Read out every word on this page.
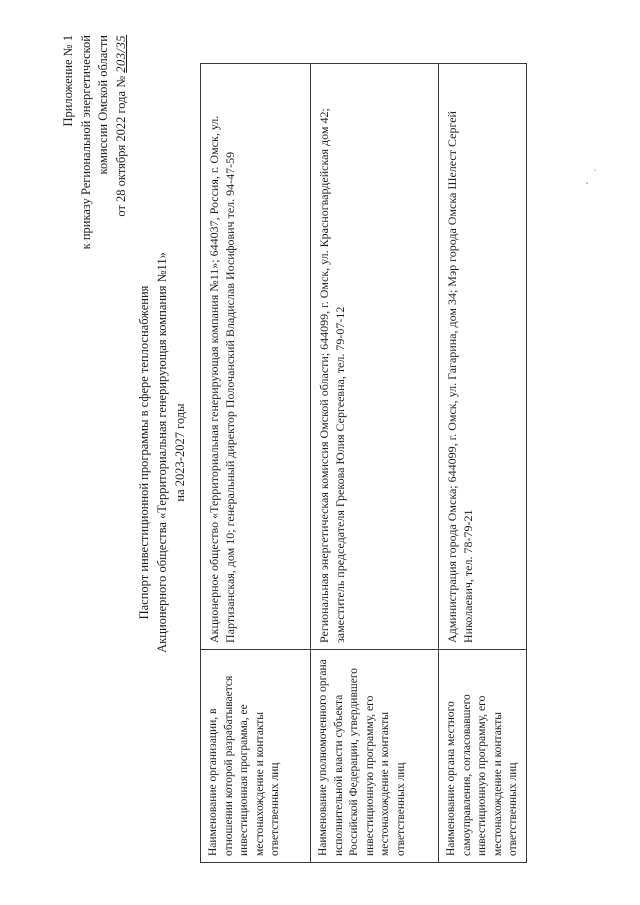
Приложение № 1 к приказу Региональной энергетической комиссии Омской области от 28 октября 2022 года № 203/35
Паспорт инвестиционной программы в сфере теплоснабжения Акционерного общества «Территориальная генерирующая компания №11» на 2023-2027 годы
Наименование организации, в отношении которой разрабатывается инвестиционная программа, ее местонахождение и контакты ответственных лиц	Акционерное общество «Территориальная генерирующая компания №11»; 644037, Россия, г. Омск, ул. Партизанская, дом 10; генеральный директор Полочанский Владислав Иосифович тел. 94-47-59
Наименование уполномоченного органа исполнительной власти субъекта Российской Федерации, утвердившего инвестиционную программу, его местонахождение и контакты ответственных лиц	Региональная энергетическая комиссия Омской области; 644099, г. Омск, ул. Красногвардейская дом 42; заместитель председателя Грекова Юлия Сергеевна, тел. 79-07-12
Наименование органа местного самоуправления, согласовавшего инвестиционную программу, его местонахождение и контакты ответственных лиц	Администрация города Омска; 644099, г. Омск, ул. Гагарина, дом 34; Мэр города Омска Шелест Сергей Николаевич, тел. 78-79-21
